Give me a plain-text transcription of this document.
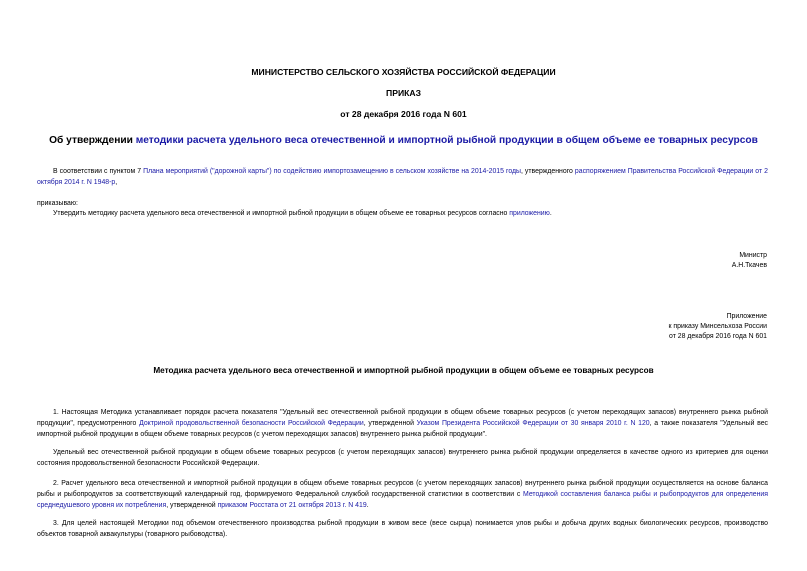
МИНИСТЕРСТВО СЕЛЬСКОГО ХОЗЯЙСТВА РОССИЙСКОЙ ФЕДЕРАЦИИ
ПРИКАЗ
от 28 декабря 2016 года N 601
Об утверждении методики расчета удельного веса отечественной и импортной рыбной продукции в общем объеме ее товарных ресурсов
В соответствии с пунктом 7 Плана мероприятий ("дорожной карты") по содействию импортозамещению в сельском хозяйстве на 2014-2015 годы, утвержденного распоряжением Правительства Российской Федерации от 2 октября 2014 г. N 1948-р,
приказываю:
Утвердить методику расчета удельного веса отечественной и импортной рыбной продукции в общем объеме ее товарных ресурсов согласно приложению.
Министр
А.Н.Ткачев
Приложение
к приказу Минсельхоза России
от 28 декабря 2016 года N 601
Методика расчета удельного веса отечественной и импортной рыбной продукции в общем объеме ее товарных ресурсов
1. Настоящая Методика устанавливает порядок расчета показателя "Удельный вес отечественной рыбной продукции в общем объеме товарных ресурсов (с учетом переходящих запасов) внутреннего рынка рыбной продукции", предусмотренного Доктриной продовольственной безопасности Российской Федерации, утвержденной Указом Президента Российской Федерации от 30 января 2010 г. N 120, а также показателя "Удельный вес импортной рыбной продукции в общем объеме товарных ресурсов (с учетом переходящих запасов) внутреннего рынка рыбной продукции".
Удельный вес отечественной рыбной продукции в общем объеме товарных ресурсов (с учетом переходящих запасов) внутреннего рынка рыбной продукции определяется в качестве одного из критериев для оценки состояния продовольственной безопасности Российской Федерации.
2. Расчет удельного веса отечественной и импортной рыбной продукции в общем объеме товарных ресурсов (с учетом переходящих запасов) внутреннего рынка рыбной продукции осуществляется на основе баланса рыбы и рыбопродуктов за соответствующий календарный год, формируемого Федеральной службой государственной статистики в соответствии с Методикой составления баланса рыбы и рыбопродуктов для определения среднедушевого уровня их потребления, утвержденной приказом Росстата от 21 октября 2013 г. N 419.
3. Для целей настоящей Методики под объемом отечественного производства рыбной продукции в живом весе (весе сырца) понимается улов рыбы и добыча других водных биологических ресурсов, производство объектов товарной аквакультуры (товарного рыбоводства).
